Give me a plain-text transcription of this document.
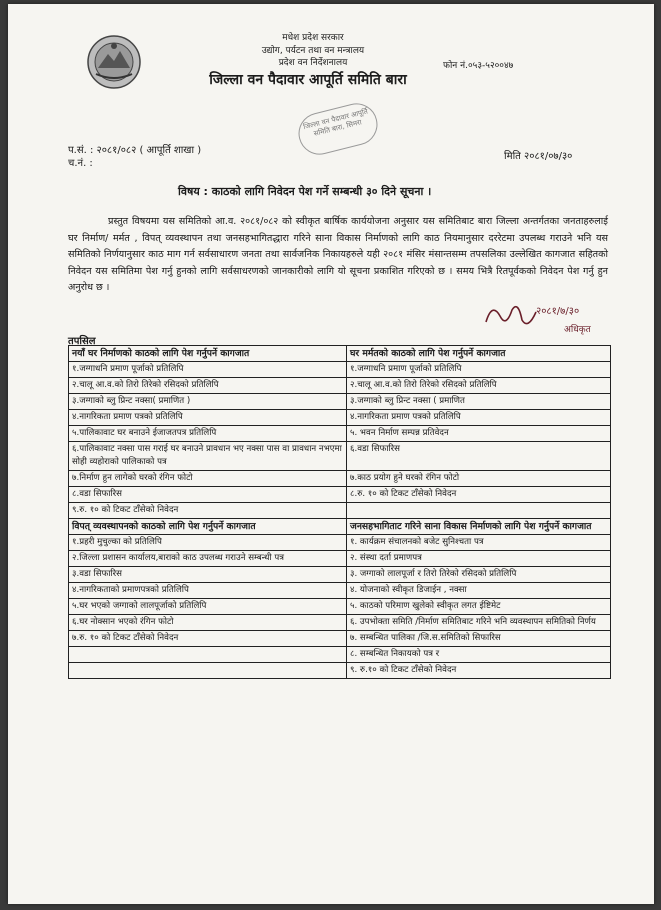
मधेश प्रदेश सरकार
उद्योग, पर्यटन तथा वन मन्त्रालय
प्रदेश वन निर्देशनालय
जिल्ला वन पैदावार आपूर्ति समिति बारा
फोन नं.०५३-५२००४७
जिल्ला वन पैदावार आपूर्ति समिति बारा, सिमरा
प.सं. : २०८१/०८२ ( आपूर्ति शाखा )
च.नं. :
मिति २०८१/०७/३०
विषय : काठको लागि निवेदन पेश गर्ने सम्बन्धी ३० दिने सूचना ।
प्रस्तुत विषयमा यस समितिको आ.व. २०८१/०८२ को स्वीकृत बार्षिक कार्ययोजना अनुसार यस समितिबाट बारा जिल्ला अन्तर्गतका जनताहरुलाई घर निर्माण/ मर्मत , विपत् व्यवस्थापन तथा जनसहभागितद्धारा गरिने साना विकास निर्माणको लागि काठ नियमानुसार दररेटमा उपलब्ध गराउने भनि यस समितिको निर्णयानुसार काठ माग गर्न सर्वसाधारण जनता तथा सार्वजनिक निकायहरुले यही २०८१ मंसिर मंसान्तसम्म तपसलिका उल्लेखित कागजात सहितको निवेदन यस समितिमा पेश गर्नु हुनको लागि सर्वसाधरणको जानकारीको लागि यो सूचना प्रकाशित गरिएको छ । समय भित्रै रितपूर्वकको निवेदन पेश गर्नु हुन अनुरोध छ ।
२०८१/७/३०
अधिकृत
तपसिल
नयाँ घर निर्माणको काठको लागि पेश गर्नुपर्ने कागजात	घर मर्मतको काठको लागि पेश गर्नुपर्ने कागजात
१.जग्गाधनि प्रमाण पूर्जाको प्रतिलिपि	१.जग्गाधनि प्रमाण पूर्जाको प्रतिलिपि
२.चालू आ.व.को तिरो तिरेको रसिदको प्रतिलिपि	२.चालू आ.व.को तिरो तिरेको रसिदको प्रतिलिपि
३.जग्गाको ब्लु प्रिन्ट नक्सा( प्रमाणित )	३.जग्गाको ब्लु प्रिन्ट नक्सा ( प्रमाणित
४.नागरिकता प्रमाण पत्रको प्रतिलिपि	४.नागरिकता प्रमाण पत्रको प्रतिलिपि
५.पालिकावाट घर बनाउने ईजाजतपत्र प्रतिलिपि	५. भवन निर्माण सम्पन्न प्रतिवेदन
६.पालिकावाट नक्सा पास गराई घर बनाउने प्रावधान भए नक्सा पास वा प्रावधान नभएमा सोही व्यहोराको पालिकाको पत्र	६.वडा सिफारिस
७.निर्माण हुन लागेको घरको रंगिन फोटो	७.काठ प्रयोग हुने घरको रंगिन फोटो
८.वडा सिफारिस	८.रु. १० को टिकट टाँसेको निवेदन
९.रु. १० को टिकट टाँसेको निवेदन	
विपत् व्यवस्थापनको काठको लागि पेश गर्नुपर्ने कागजात	जनसहभागिताट गरिने साना विकास निर्माणको लागि पेश गर्नुपर्ने कागजात
१.प्रहरी मुचुल्का को प्रतिलिपि	१. कार्यक्रम संचालनको बजेट सुनिश्चता पत्र
२.जिल्ला प्रशासन कार्यालय,बाराको काठ उपलब्ध गराउने सम्बन्धी पत्र	२. संस्था दर्ता प्रमाणपत्र
३.वडा सिफारिस	३. जग्गाको लालपूर्जा र तिरो तिरेको रसिदको प्रतिलिपि
४.नागरिकताको प्रमाणपत्रको प्रतिलिपि	४. योजनाको स्वीकृत डिजाईन , नक्सा
५.घर भएको जग्गाको लालपूर्जाको प्रतिलिपि	५. काठको परिमाण खुलेको स्वीकृत लगत ईष्टिमेट
६.घर नोक्सान भएको रंगिन फोटो	६. उपभोक्ता समिति /निर्माण समितिबाट गरिने भनि व्यवस्थापन समितिको निर्णय
७.रु. १० को टिकट टाँसेको निवेदन	७. सम्बन्धित पालिका /जि.स.समितिको सिफारिस
	८. सम्बन्धित निकायको पत्र र
	९. रु.१० को टिकट टाँसेको निवेदन
